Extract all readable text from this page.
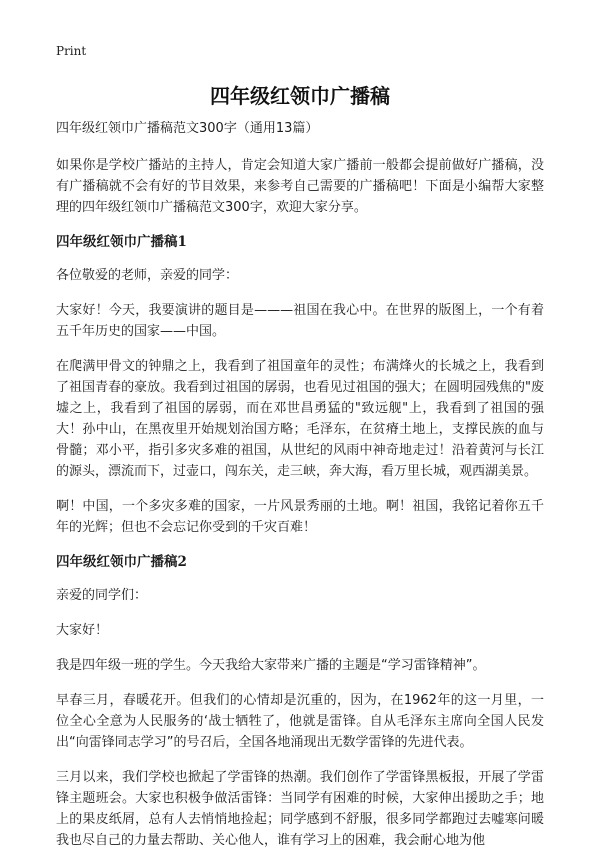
Print
四年级红领巾广播稿

四年级红领巾广播稿范文300字（通用13篇）

如果你是学校广播站的主持人，肯定会知道大家广播前一般都会提前做好广播稿，没有广播稿就不会有好的节目效果，来参考自己需要的广播稿吧！下面是小编帮大家整理的四年级红领巾广播稿范文300字，欢迎大家分享。

四年级红领巾广播稿1

各位敬爱的老师，亲爱的同学：

大家好！今天，我要演讲的题目是———祖国在我心中。在世界的版图上，一个有着五千年历史的国家——中国。

在爬满甲骨文的钟鼎之上，我看到了祖国童年的灵性；布满烽火的长城之上，我看到了祖国青春的豪放。我看到过祖国的孱弱，也看见过祖国的强大；在圆明园残焦的"废墟之上，我看到了祖国的孱弱，而在邓世昌勇猛的"致远舰"上，我看到了祖国的强大！孙中山，在黑夜里开始规划治国方略；毛泽东，在贫瘠土地上，支撑民族的血与骨髓；邓小平，指引多灾多难的祖国，从世纪的风雨中神奇地走过！沿着黄河与长江的源头，漂流而下，过壶口，闯东关，走三峡，奔大海，看万里长城，观西湖美景。

啊！中国，一个多灾多难的国家，一片风景秀丽的土地。啊！祖国，我铭记着你五千年的光辉；但也不会忘记你受到的千灾百难！

四年级红领巾广播稿2

亲爱的同学们：

大家好！

我是四年级一班的学生。今天我给大家带来广播的主题是“学习雷锋精神”。

早春三月，春暖花开。但我们的心情却是沉重的，因为，在1962年的这一月里，一位全心全意为人民服务的‘战士牺牲了，他就是雷锋。自从毛泽东主席向全国人民发出“向雷锋同志学习”的号召后，全国各地涌现出无数学雷锋的先进代表。

三月以来，我们学校也掀起了学雷锋的热潮。我们创作了学雷锋黑板报，开展了学雷锋主题班会。大家也积极争做活雷锋：当同学有困难的时候，大家伸出援助之手；地上的果皮纸屑，总有人去悄悄地捡起；同学感到不舒服，很多同学都跑过去嘘寒问暖我也尽自己的力量去帮助、关心他人，谁有学习上的困难，我会耐心地为他
